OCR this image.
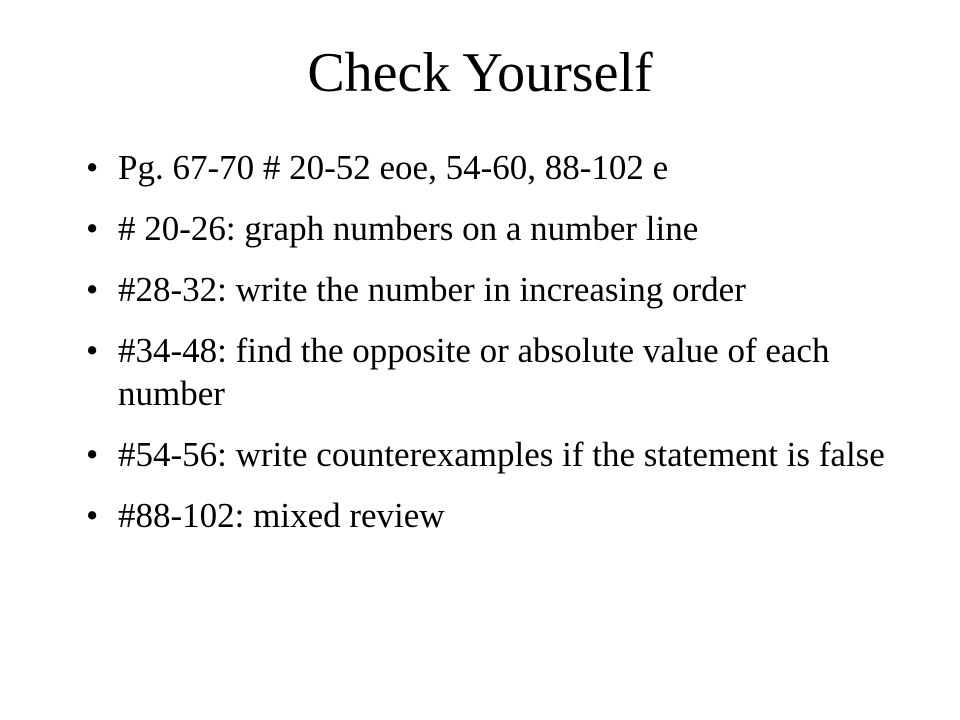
Check Yourself
• Pg. 67-70 # 20-52 eoe, 54-60, 88-102 e
• # 20-26: graph numbers on a number line
• #28-32: write the number in increasing order
• #34-48: find the opposite or absolute value of each number
• #54-56: write counterexamples if the statement is false
• #88-102: mixed review
